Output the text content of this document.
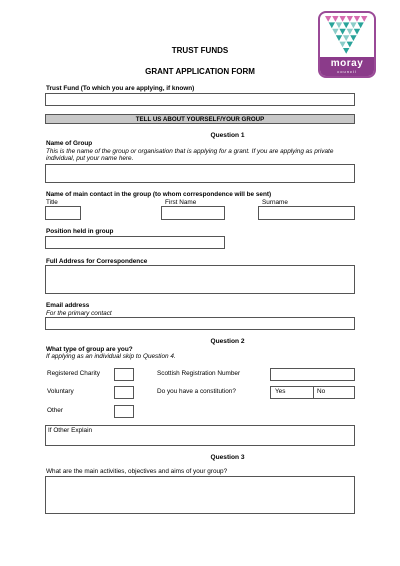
moray
council
TRUST FUNDS
GRANT APPLICATION FORM
Trust Fund (To which you are applying, if known)
TELL US ABOUT YOURSELF/YOUR GROUP
Question 1
Name of Group
This is the name of the group or organisation that is applying for a grant. If you are applying as private
individual, put your name here.
Name of main contact in the group (to whom correspondence will be sent)
Title	First Name	Surname
Position held in group
Full Address for Correspondence
Email address
For the primary contact
Question 2
What type of group are you?
If applying as an individual skip to Question 4.
Registered Charity	Scottish Registration Number
Voluntary	Do you have a constitution?	Yes	No
Other
If Other Explain
Question 3
What are the main activities, objectives and aims of your group?
